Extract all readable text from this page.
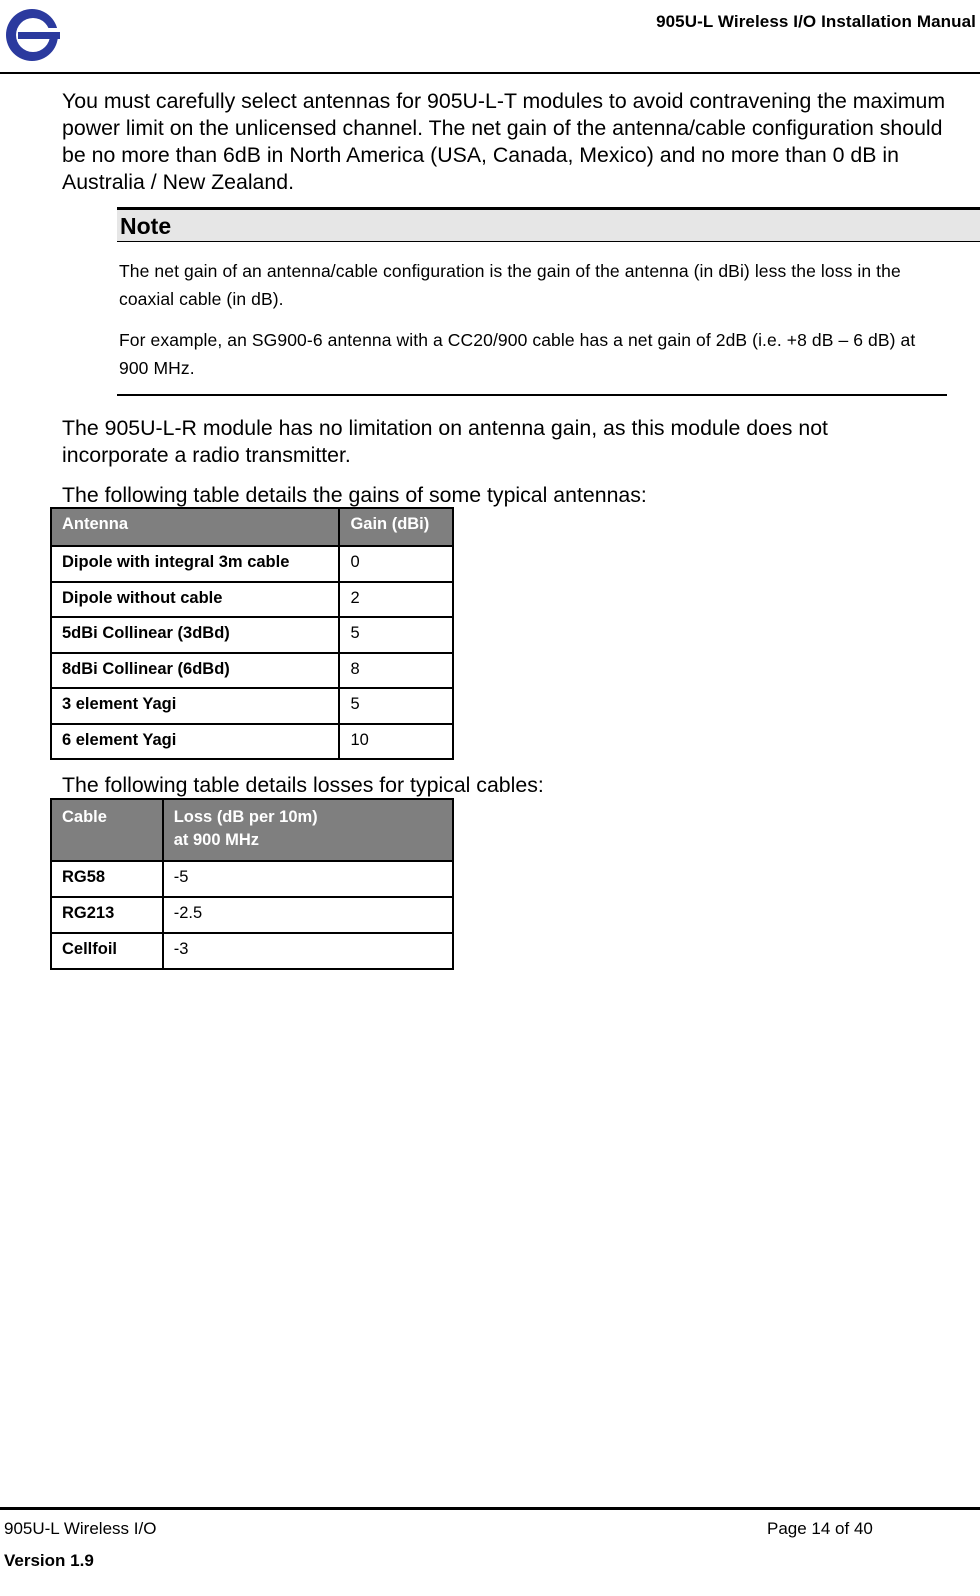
905U-L Wireless I/O Installation Manual

You must carefully select antennas for 905U-L-T modules to avoid contravening the maximum power limit on the unlicensed channel. The net gain of the antenna/cable configuration should be no more than 6dB in North America (USA, Canada, Mexico) and no more than 0 dB in Australia / New Zealand.

Note

The net gain of an antenna/cable configuration is the gain of the antenna (in dBi) less the loss in the coaxial cable (in dB).

For example, an SG900-6 antenna with a CC20/900 cable has a net gain of 2dB (i.e. +8 dB – 6 dB) at 900 MHz.

The 905U-L-R module has no limitation on antenna gain, as this module does not incorporate a radio transmitter.

The following table details the gains of some typical antennas:

Antenna	Gain (dBi)
Dipole with integral 3m cable	0
Dipole without cable	2
5dBi Collinear (3dBd)	5
8dBi Collinear (6dBd)	8
3 element Yagi	5
6 element Yagi	10

The following table details losses for typical cables:

Cable	Loss (dB per 10m)
at 900 MHz

RG58	-5
RG213	-2.5
Cellfoil	-3
905U-L Wireless I/O	Page 14 of 40
Version 1.9
